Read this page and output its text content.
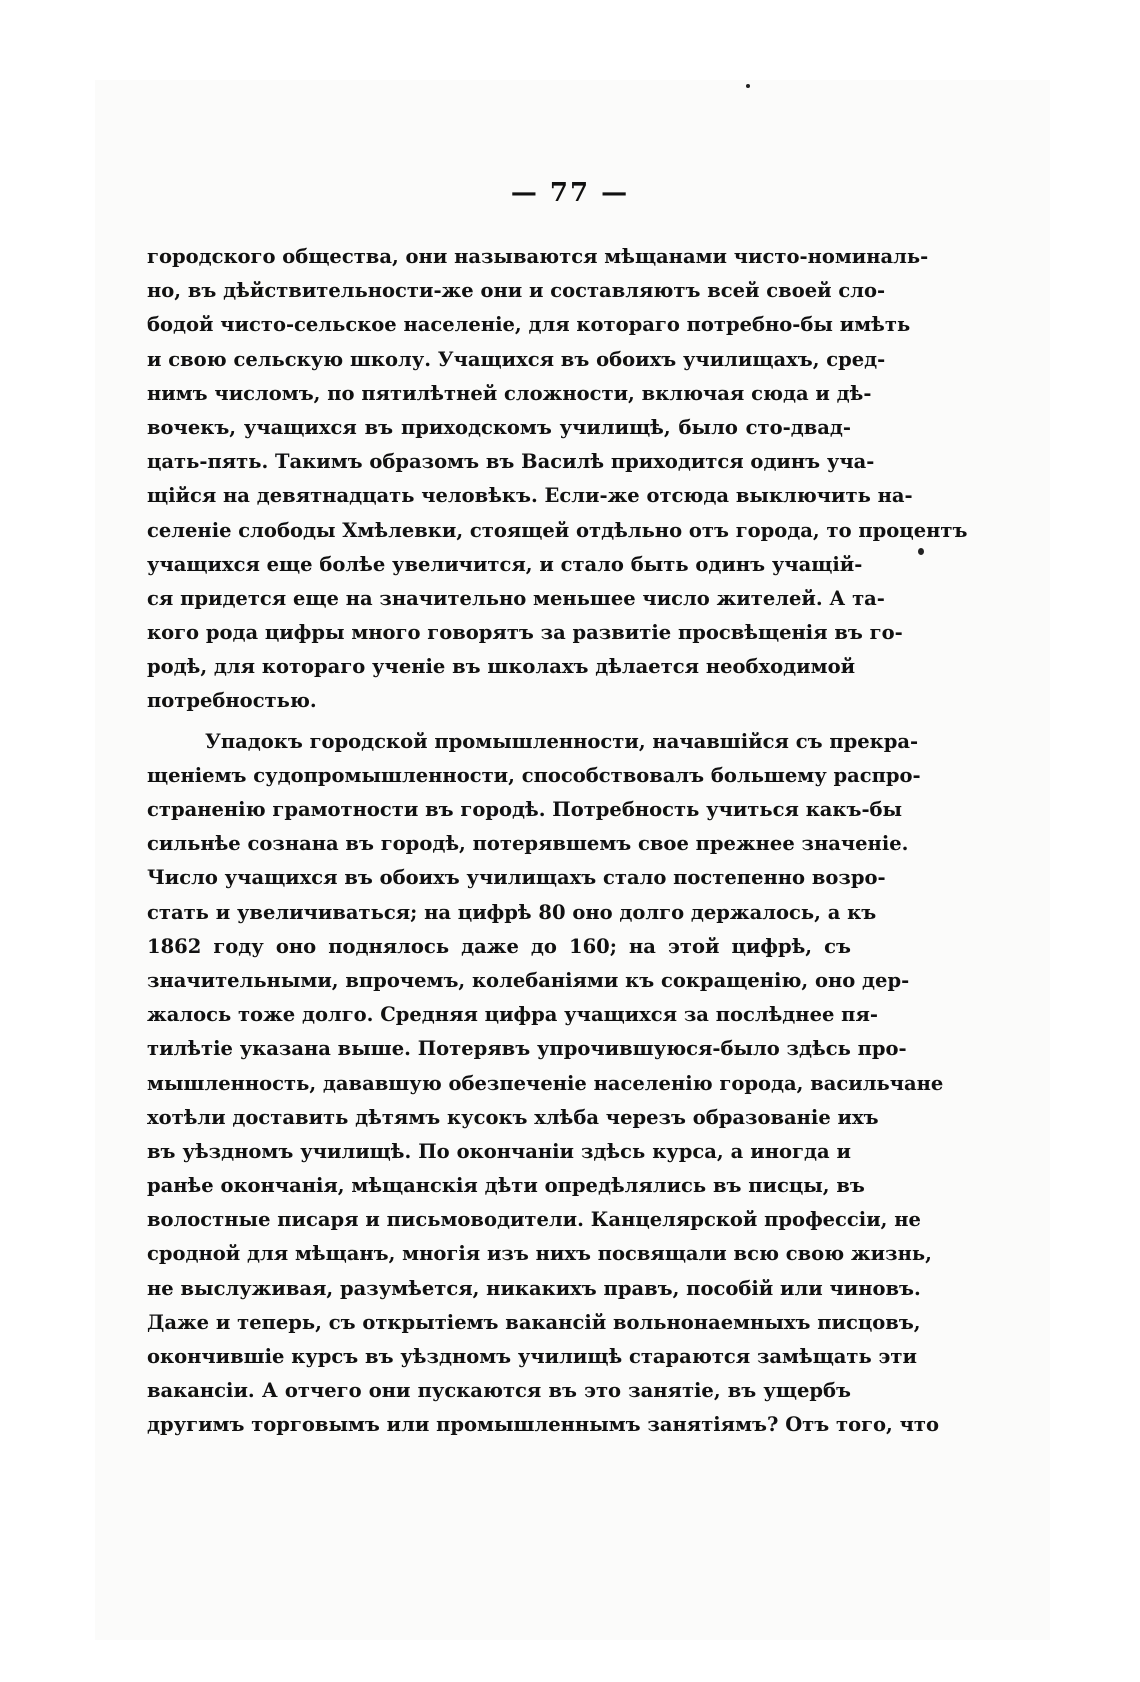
— 77 —
городского общества, они называются мѣщанами чисто-номиналь-
но, въ дѣйствительности-же они и составляютъ всей своей сло-
бодой чисто-сельское населеніе, для котораго потребно-бы имѣть
и свою сельскую школу. Учащихся въ обоихъ училищахъ, сред-
нимъ числомъ, по пятилѣтней сложности, включая сюда и дѣ-
вочекъ, учащихся въ приходскомъ училищѣ, было сто-двад-
цать-пять. Такимъ образомъ въ Василѣ приходится одинъ уча-
щійся на девятнадцать человѣкъ. Если-же отсюда выключить на-
селеніе слободы Хмѣлевки, стоящей отдѣльно отъ города, то процентъ
учащихся еще болѣе увеличится, и стало быть одинъ учащій-
ся придется еще на значительно меньшее число жителей. А та-
кого рода цифры много говорятъ за развитіе просвѣщенія въ го-
родѣ, для котораго ученіе въ школахъ дѣлается необходимой
потребностью.
Упадокъ городской промышленности, начавшійся съ прекра-
щеніемъ судопромышленности, способствовалъ большему распро-
страненію грамотности въ городѣ. Потребность учиться какъ-бы
сильнѣе сознана въ городѣ, потерявшемъ свое прежнее значеніе.
Число учащихся въ обоихъ училищахъ стало постепенно возро-
стать и увеличиваться; на цифрѣ 80 оно долго держалось, а къ
1862 году оно поднялось даже до 160; на этой цифрѣ, съ
значительными, впрочемъ, колебаніями къ сокращенію, оно дер-
жалось тоже долго. Средняя цифра учащихся за послѣднее пя-
тилѣтіе указана выше. Потерявъ упрочившуюся-было здѣсь про-
мышленность, дававшую обезпеченіе населенію города, васильчане
хотѣли доставить дѣтямъ кусокъ хлѣба черезъ образованіе ихъ
въ уѣздномъ училищѣ. По окончаніи здѣсь курса, а иногда и
ранѣе окончанія, мѣщанскія дѣти опредѣлялись въ писцы, въ
волостные писаря и письмоводители. Канцелярской профессіи, не
сродной для мѣщанъ, многія изъ нихъ посвящали всю свою жизнь,
не выслуживая, разумѣется, никакихъ правъ, пособій или чиновъ.
Даже и теперь, съ открытіемъ вакансій вольнонаемныхъ писцовъ,
окончившіе курсъ въ уѣздномъ училищѣ стараются замѣщать эти
вакансіи. А отчего они пускаются въ это занятіе, въ ущербъ
другимъ торговымъ или промышленнымъ занятіямъ? Отъ того, что
